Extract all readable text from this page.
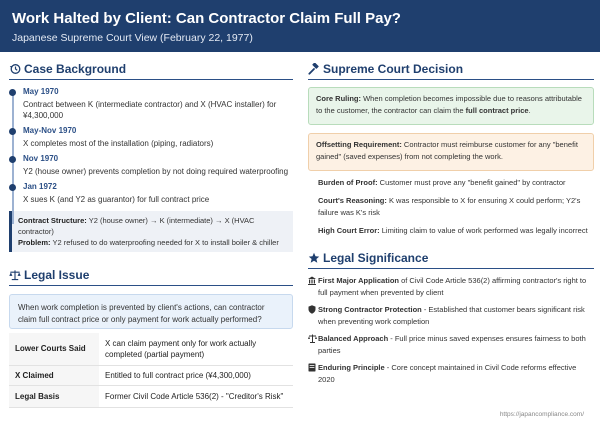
Work Halted by Client: Can Contractor Claim Full Pay?
Japanese Supreme Court View (February 22, 1977)
Case Background
May 1970
Contract between K (intermediate contractor) and X (HVAC installer) for ¥4,300,000
May-Nov 1970
X completes most of the installation (piping, radiators)
Nov 1970
Y2 (house owner) prevents completion by not doing required waterproofing
Jan 1972
X sues K (and Y2 as guarantor) for full contract price
Contract Structure: Y2 (house owner) → K (intermediate) → X (HVAC contractor)
Problem: Y2 refused to do waterproofing needed for X to install boiler & chiller
Legal Issue
When work completion is prevented by client's actions, can contractor claim full contract price or only payment for work actually performed?
Lower Courts Said	X can claim payment only for work actually completed (partial payment)
X Claimed	Entitled to full contract price (¥4,300,000)
Legal Basis	Former Civil Code Article 536(2) - "Creditor's Risk"
Supreme Court Decision
Core Ruling: When completion becomes impossible due to reasons attributable to the customer, the contractor can claim the full contract price.
Offsetting Requirement: Contractor must reimburse customer for any "benefit gained" (saved expenses) from not completing the work.
Burden of Proof: Customer must prove any "benefit gained" by contractor
Court's Reasoning: K was responsible to X for ensuring X could perform; Y2's failure was K's risk
High Court Error: Limiting claim to value of work performed was legally incorrect
Legal Significance
First Major Application of Civil Code Article 536(2) affirming contractor's right to full payment when prevented by client
Strong Contractor Protection - Established that customer bears significant risk when preventing work completion
Balanced Approach - Full price minus saved expenses ensures fairness to both parties
Enduring Principle - Core concept maintained in Civil Code reforms effective 2020
https://japancompliance.com/
